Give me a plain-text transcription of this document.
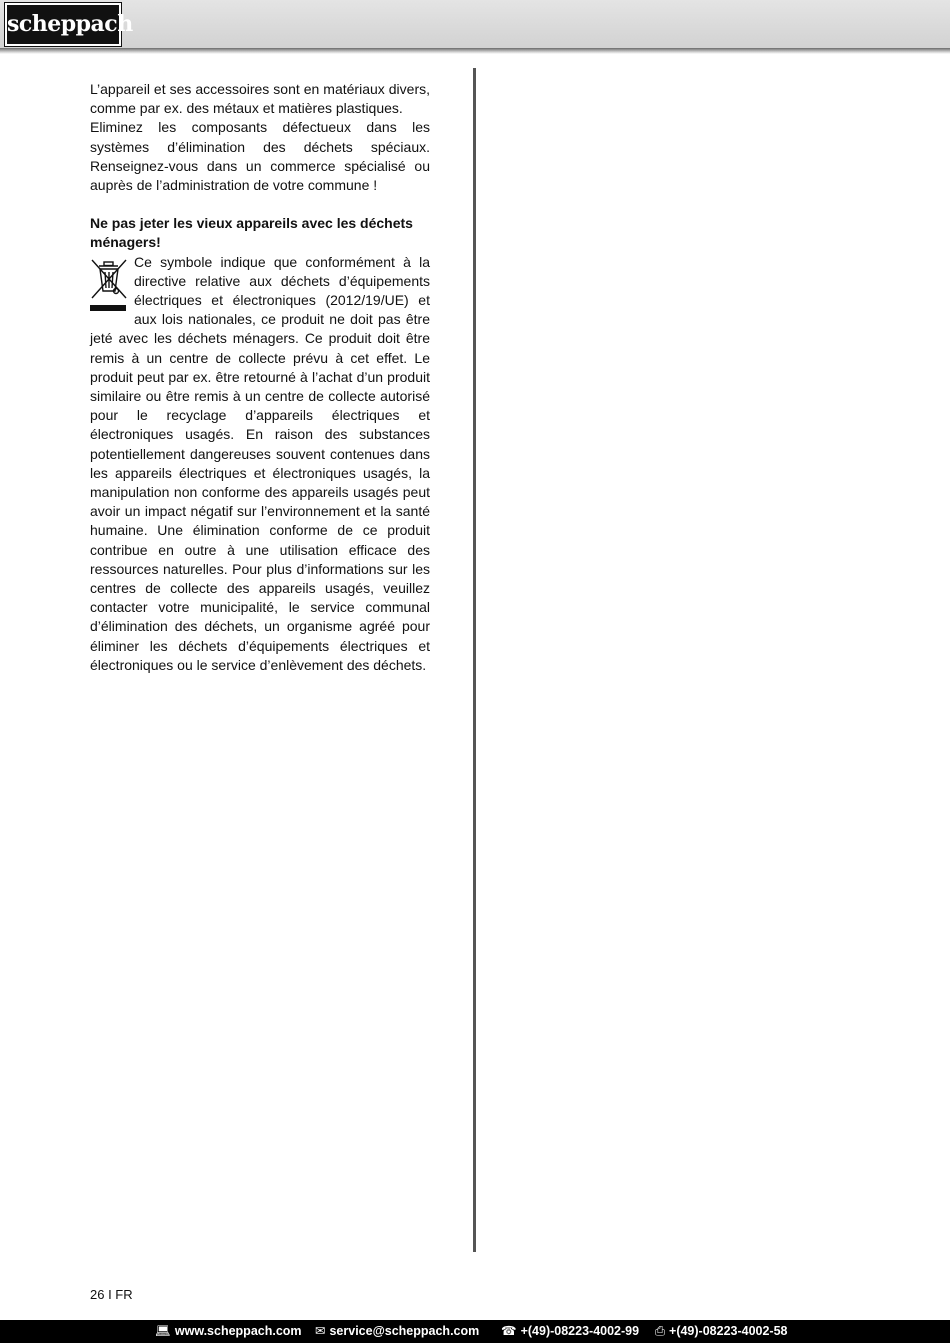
scheppach

L’appareil et ses accessoires sont en matériaux divers, comme par ex. des métaux et matières plastiques.

Eliminez les composants défectueux dans les systèmes d’élimination des déchets spéciaux. Renseignez-vous dans un commerce spécialisé ou auprès de l’administration de votre commune !

Ne pas jeter les vieux appareils avec les déchets ménagers!

Ce symbole indique que conformément à la directive relative aux déchets d’équipements électriques et électroniques (2012/19/UE) et aux lois nationales, ce produit ne doit pas être jeté avec les déchets ménagers. Ce produit doit être remis à un centre de collecte prévu à cet effet. Le produit peut par ex. être retourné à l’achat d’un produit similaire ou être remis à un centre de collecte autorisé pour le recyclage d’appareils électriques et électroniques usagés. En raison des substances potentiellement dangereuses souvent contenues dans les appareils électriques et électroniques usagés, la manipulation non conforme des appareils usagés peut avoir un impact négatif sur l’environnement et la santé humaine. Une élimination conforme de ce produit contribue en outre à une utilisation efficace des ressources naturelles. Pour plus d’informations sur les centres de collecte des appareils usagés, veuillez contacter votre municipalité, le service communal d’élimination des déchets, un organisme agréé pour éliminer les déchets d’équipements électriques et électroniques ou le service d’enlèvement des déchets.

26 I FR
💻︎ www.scheppach.com ✉︎ service@scheppach.com ☎︎ +(49)-08223-4002-99 ⎙ +(49)-08223-4002-58
